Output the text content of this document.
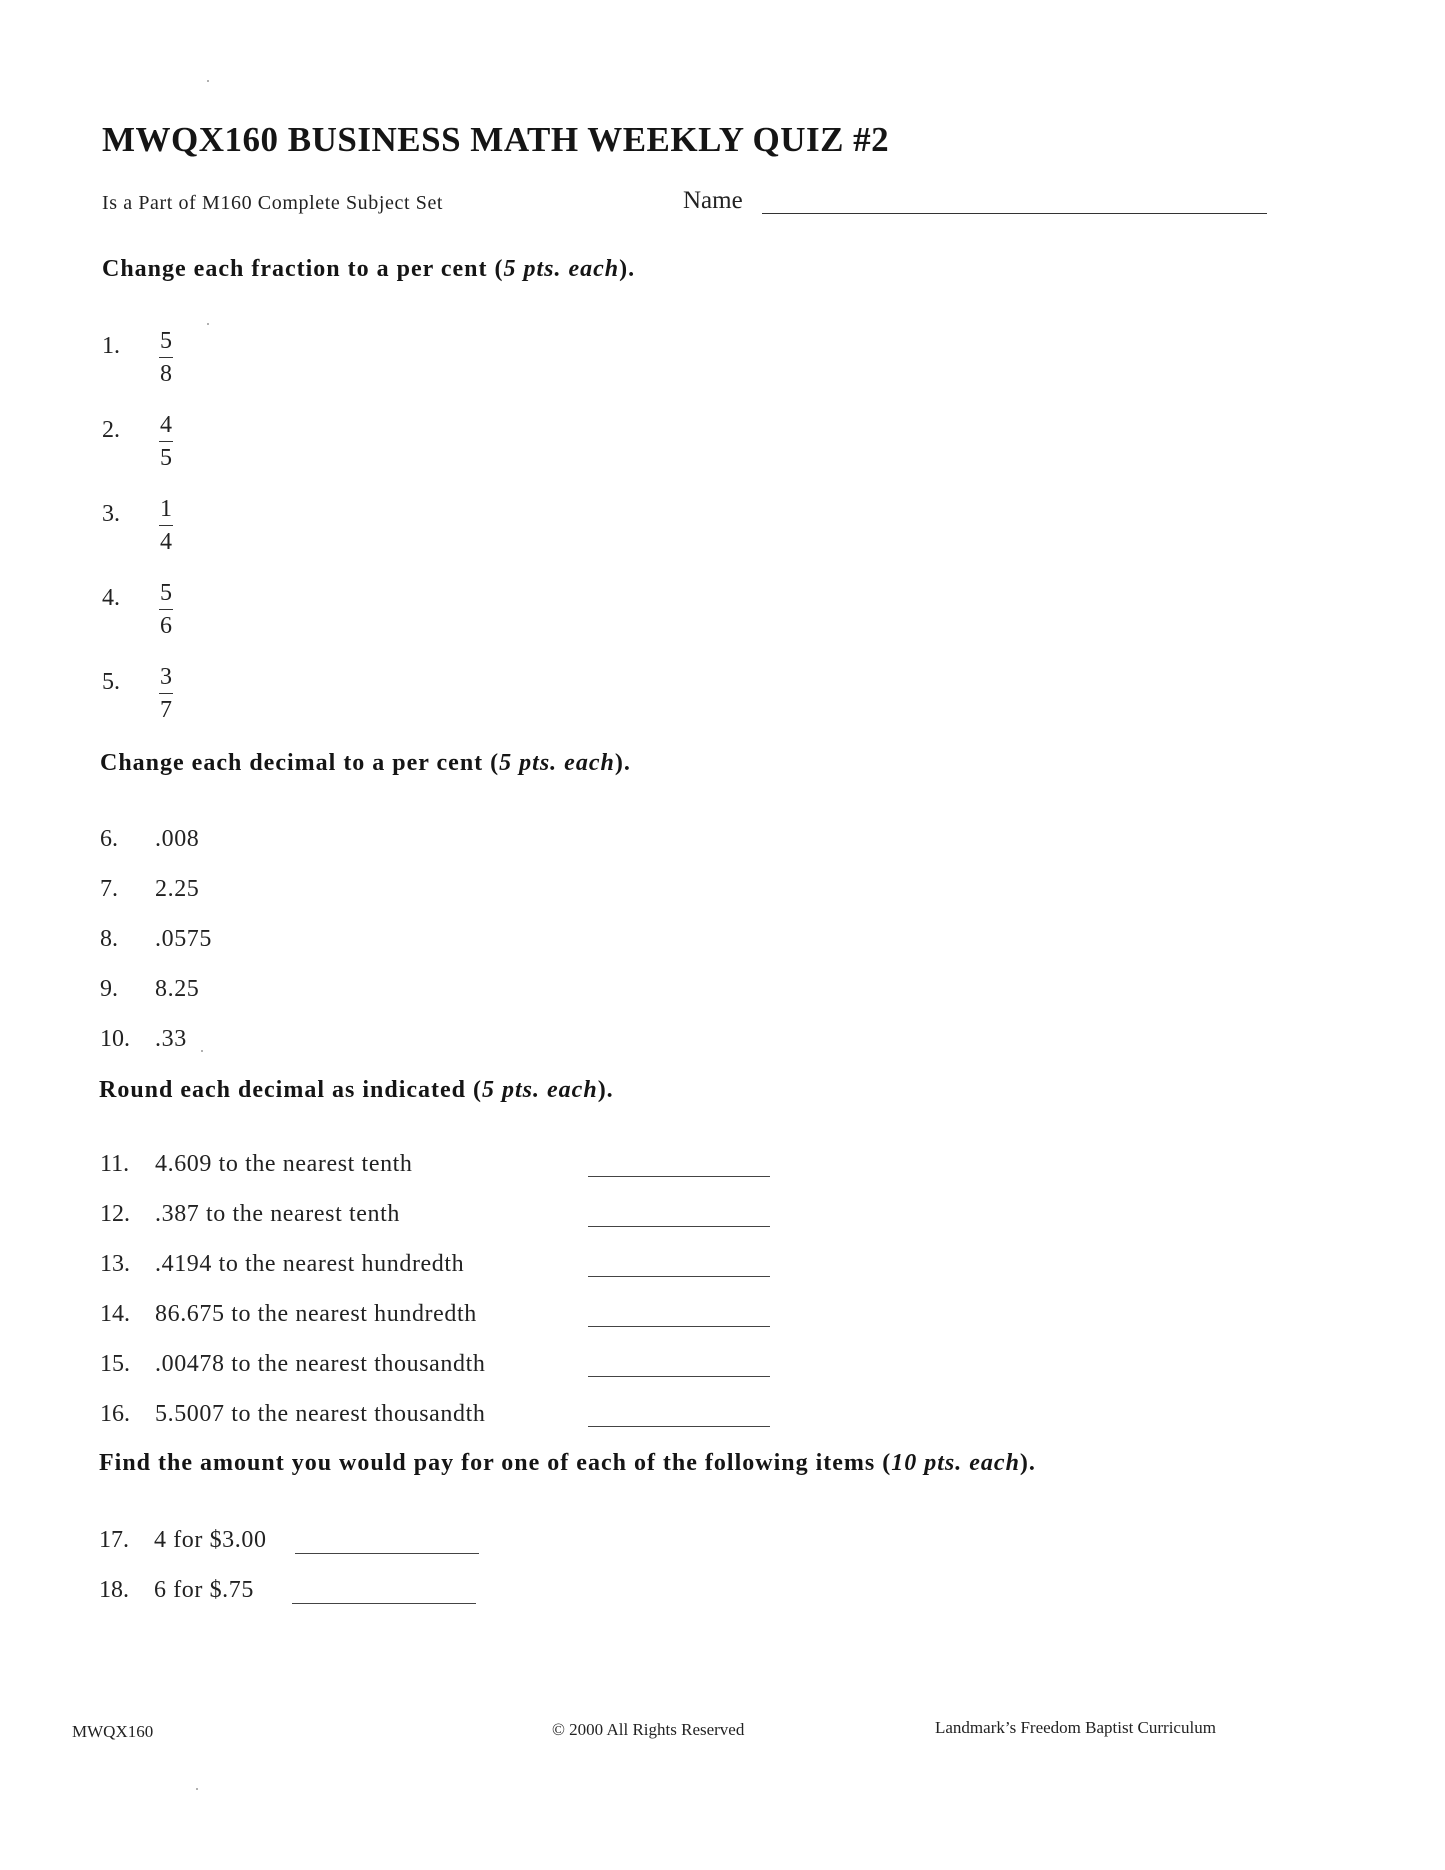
MWQX160 BUSINESS MATH WEEKLY QUIZ #2
Is a Part of M160 Complete Subject Set	Name
Change each fraction to a per cent (5 pts. each).
1. 5
8
2. 4
5
3. 1
4
4. 5
6
5. 3
7
Change each decimal to a per cent (5 pts. each).
6. .008
7. 2.25
8. .0575
9. 8.25
10. .33
Round each decimal as indicated (5 pts. each).
11. 4.609 to the nearest tenth
12. .387 to the nearest tenth
13. .4194 to the nearest hundredth
14. 86.675 to the nearest hundredth
15. .00478 to the nearest thousandth
16. 5.5007 to the nearest thousandth
Find the amount you would pay for one of each of the following items (10 pts. each).
17. 4 for $3.00
18. 6 for $.75
MWQX160	© 2000 All Rights Reserved	Landmark’s Freedom Baptist Curriculum
